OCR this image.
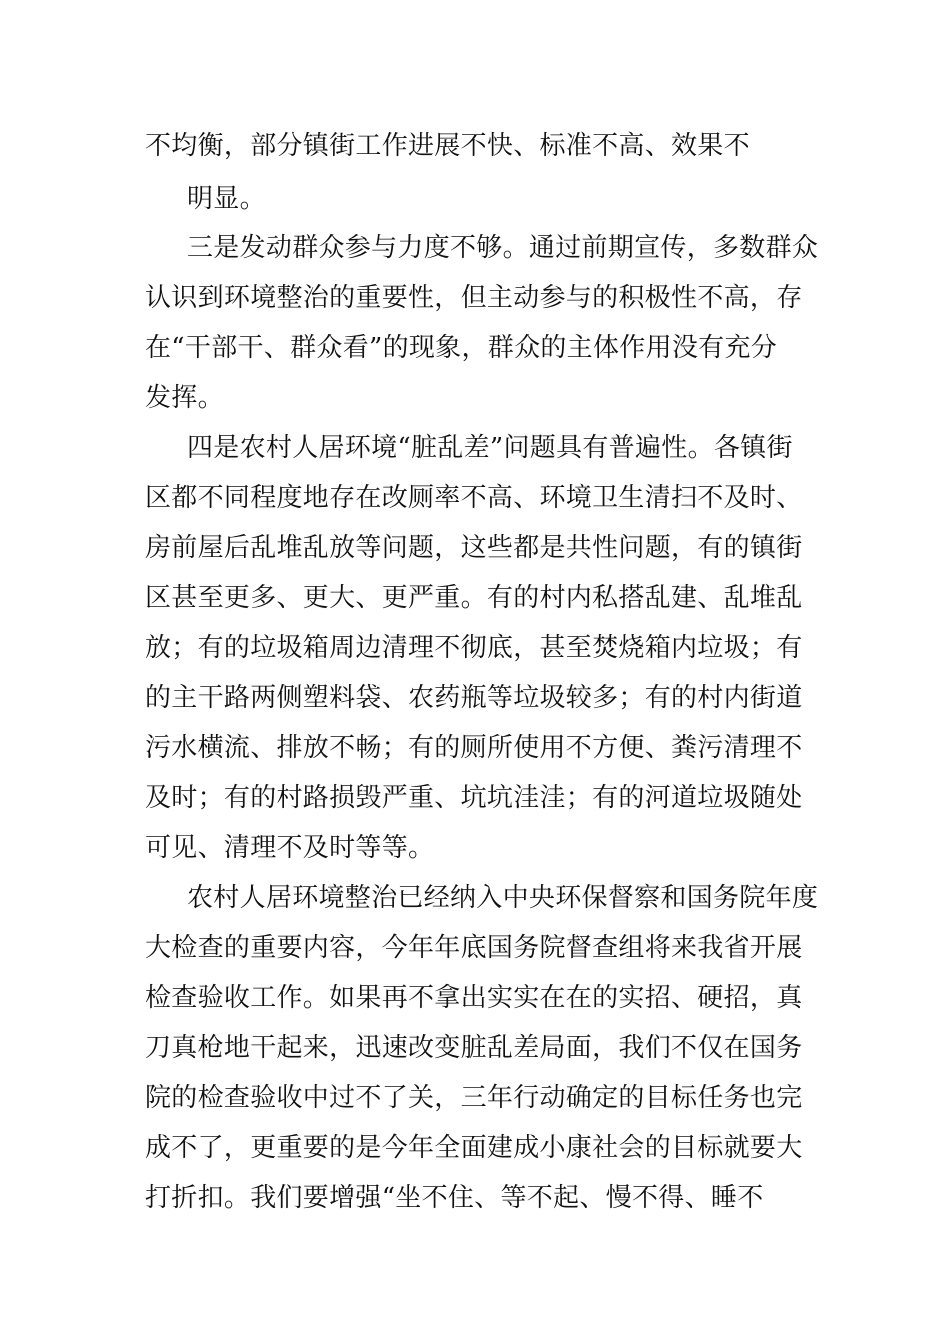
不均衡，部分镇街工作进展不快、标准不高、效果不
明显。
三是发动群众参与力度不够。通过前期宣传，多数群众
认识到环境整治的重要性，但主动参与的积极性不高，存
在“干部干、群众看”的现象，群众的主体作用没有充分
发挥。
四是农村人居环境“脏乱差”问题具有普遍性。各镇街
区都不同程度地存在改厕率不高、环境卫生清扫不及时、
房前屋后乱堆乱放等问题，这些都是共性问题，有的镇街
区甚至更多、更大、更严重。有的村内私搭乱建、乱堆乱
放；有的垃圾箱周边清理不彻底，甚至焚烧箱内垃圾；有
的主干路两侧塑料袋、农药瓶等垃圾较多；有的村内街道
污水横流、排放不畅；有的厕所使用不方便、粪污清理不
及时；有的村路损毁严重、坑坑洼洼；有的河道垃圾随处
可见、清理不及时等等。
农村人居环境整治已经纳入中央环保督察和国务院年度
大检查的重要内容，今年年底国务院督查组将来我省开展
检查验收工作。如果再不拿出实实在在的实招、硬招，真
刀真枪地干起来，迅速改变脏乱差局面，我们不仅在国务
院的检查验收中过不了关，三年行动确定的目标任务也完
成不了，更重要的是今年全面建成小康社会的目标就要大
打折扣。我们要增强“坐不住、等不起、慢不得、睡不
